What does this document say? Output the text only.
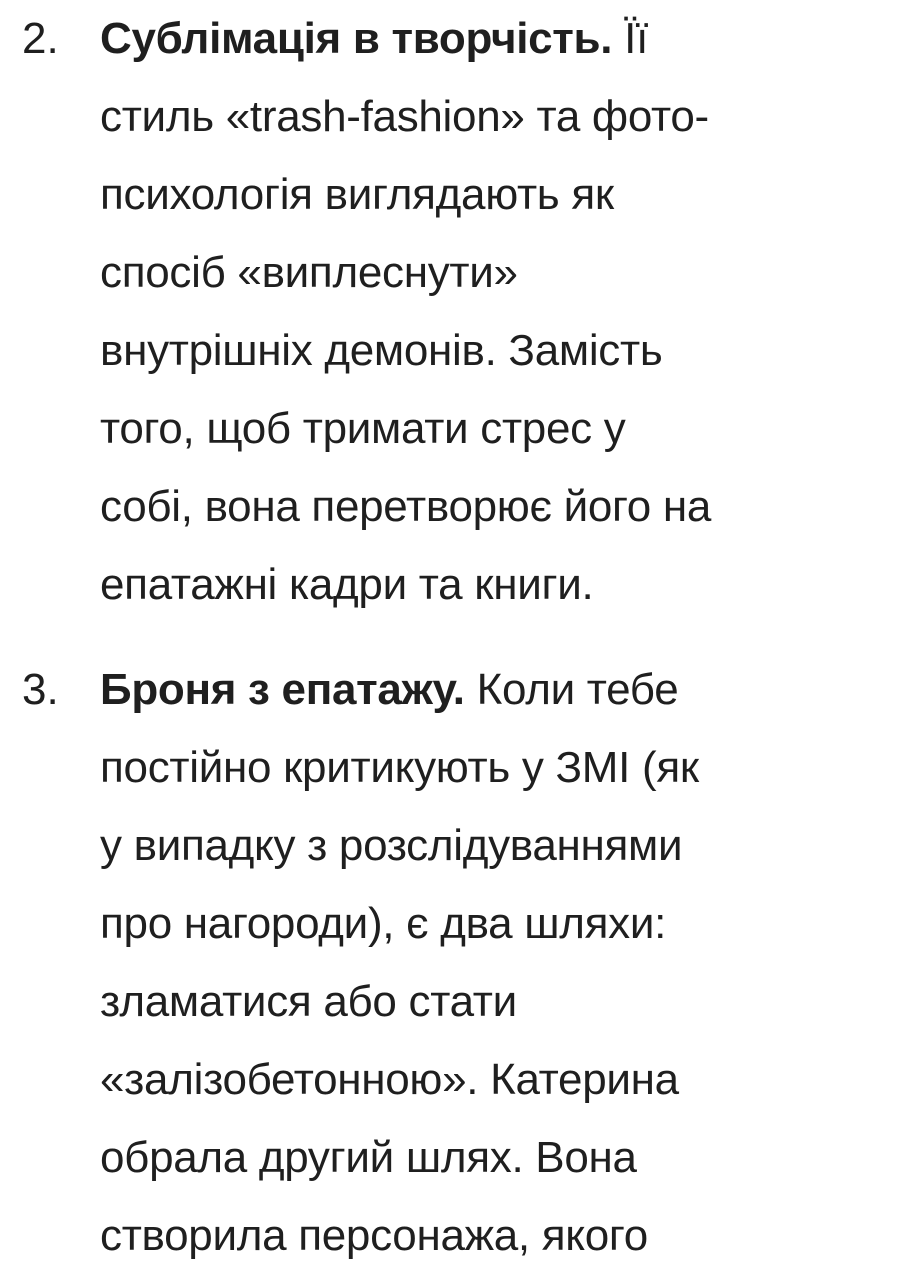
2. Сублімація в творчість. Її
стиль «trash-fashion» та фото-
психологія виглядають як
спосіб «виплеснути»
внутрішніх демонів. Замість
того, щоб тримати стрес у
собі, вона перетворює його на
епатажні кадри та книги.
3. Броня з епатажу. Коли тебе
постійно критикують у ЗМІ (як
у випадку з розслідуваннями
про нагороди), є два шляхи:
зламатися або стати
«залізобетонною». Катерина
обрала другий шлях. Вона
створила персонажа, якого
